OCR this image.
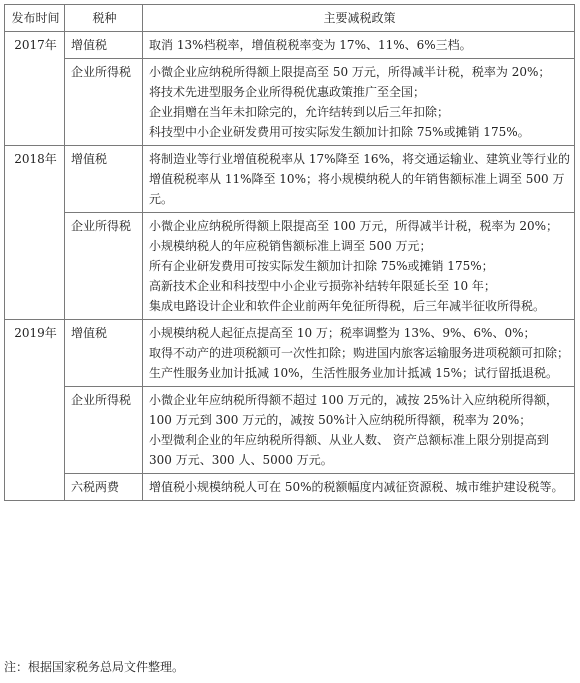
发布时间	税种	主要减税政策
2017年	增值税	取消 13%档税率，增值税税率变为 17%、11%、6%三档。

	企业所得税	小微企业应纳税所得额上限提高至 50 万元，所得减半计税，税率为 20%；
将技术先进型服务企业所得税优惠政策推广至全国；
企业捐赠在当年未扣除完的，允许结转到以后三年扣除；
科技型中小企业研发费用可按实际发生额加计扣除 75%或摊销 175%。

2018年	增值税	将制造业等行业增值税税率从 17%降至 16%，将交通运输业、建筑业等行业的增值税税率从 11%降至 10%；将小规模纳税人的年销售额标准上调至 500 万元。

	企业所得税	小微企业应纳税所得额上限提高至 100 万元，所得减半计税，税率为 20%；
小规模纳税人的年应税销售额标准上调至 500 万元；
所有企业研发费用可按实际发生额加计扣除 75%或摊销 175%；
高新技术企业和科技型中小企业亏损弥补结转年限延长至 10 年；
集成电路设计企业和软件企业前两年免征所得税，后三年减半征收所得税。

2019年	增值税	小规模纳税人起征点提高至 10 万；税率调整为 13%、9%、6%、0%；
取得不动产的进项税额可一次性扣除；购进国内旅客运输服务进项税额可扣除；
生产性服务业加计抵减 10%，生活性服务业加计抵减 15%；试行留抵退税。

	企业所得税	小微企业年应纳税所得额不超过 100 万元的，减按 25%计入应纳税所得额，100 万元到 300 万元的，减按 50%计入应纳税所得额，税率为 20%；
小型微利企业的年应纳税所得额、从业人数、 资产总额标准上限分别提高到 300 万元、300 人、5000 万元。

	六税两费	增值税小规模纳税人可在 50%的税额幅度内减征资源税、城市维护建设税等。
注：根据国家税务总局文件整理。
